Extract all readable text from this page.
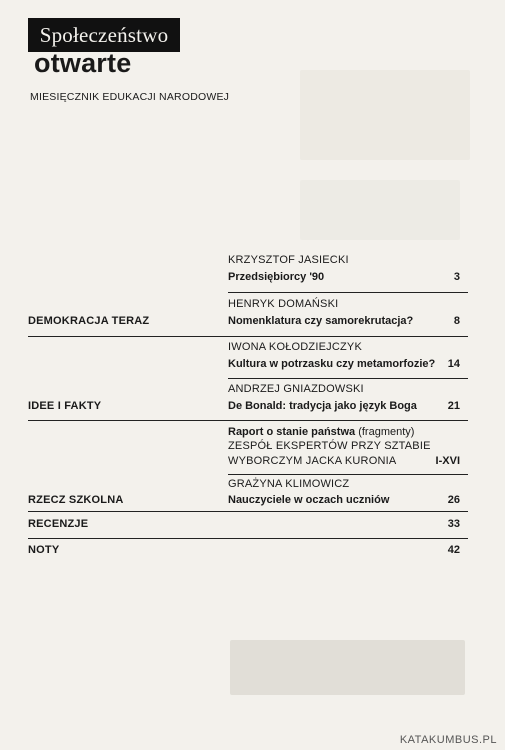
Społeczeństwo
otwarte
MIESIĘCZNIK EDUKACJI NARODOWEJ
KRZYSZTOF JASIECKI
Przedsiębiorcy '90	3
HENRYK DOMAŃSKI
DEMOKRACJA TERAZ	Nomenklatura czy samorekrutacja?	8
IWONA KOŁODZIEJCZYK
Kultura w potrzasku czy metamorfozie? 14
ANDRZEJ GNIAZDOWSKI
IDEE I FAKTY	De Bonald: tradycja jako język Boga	21
Raport o stanie państwa (fragmenty)
ZESPÓŁ EKSPERTÓW PRZY SZTABIE
WYBORCZYM JACKA KURONIA	I-XVI
GRAŻYNA KLIMOWICZ
RZECZ SZKOLNA	Nauczyciele w oczach uczniów	26
RECENZJE	33
NOTY	42
KATAKUMBUS.PL
